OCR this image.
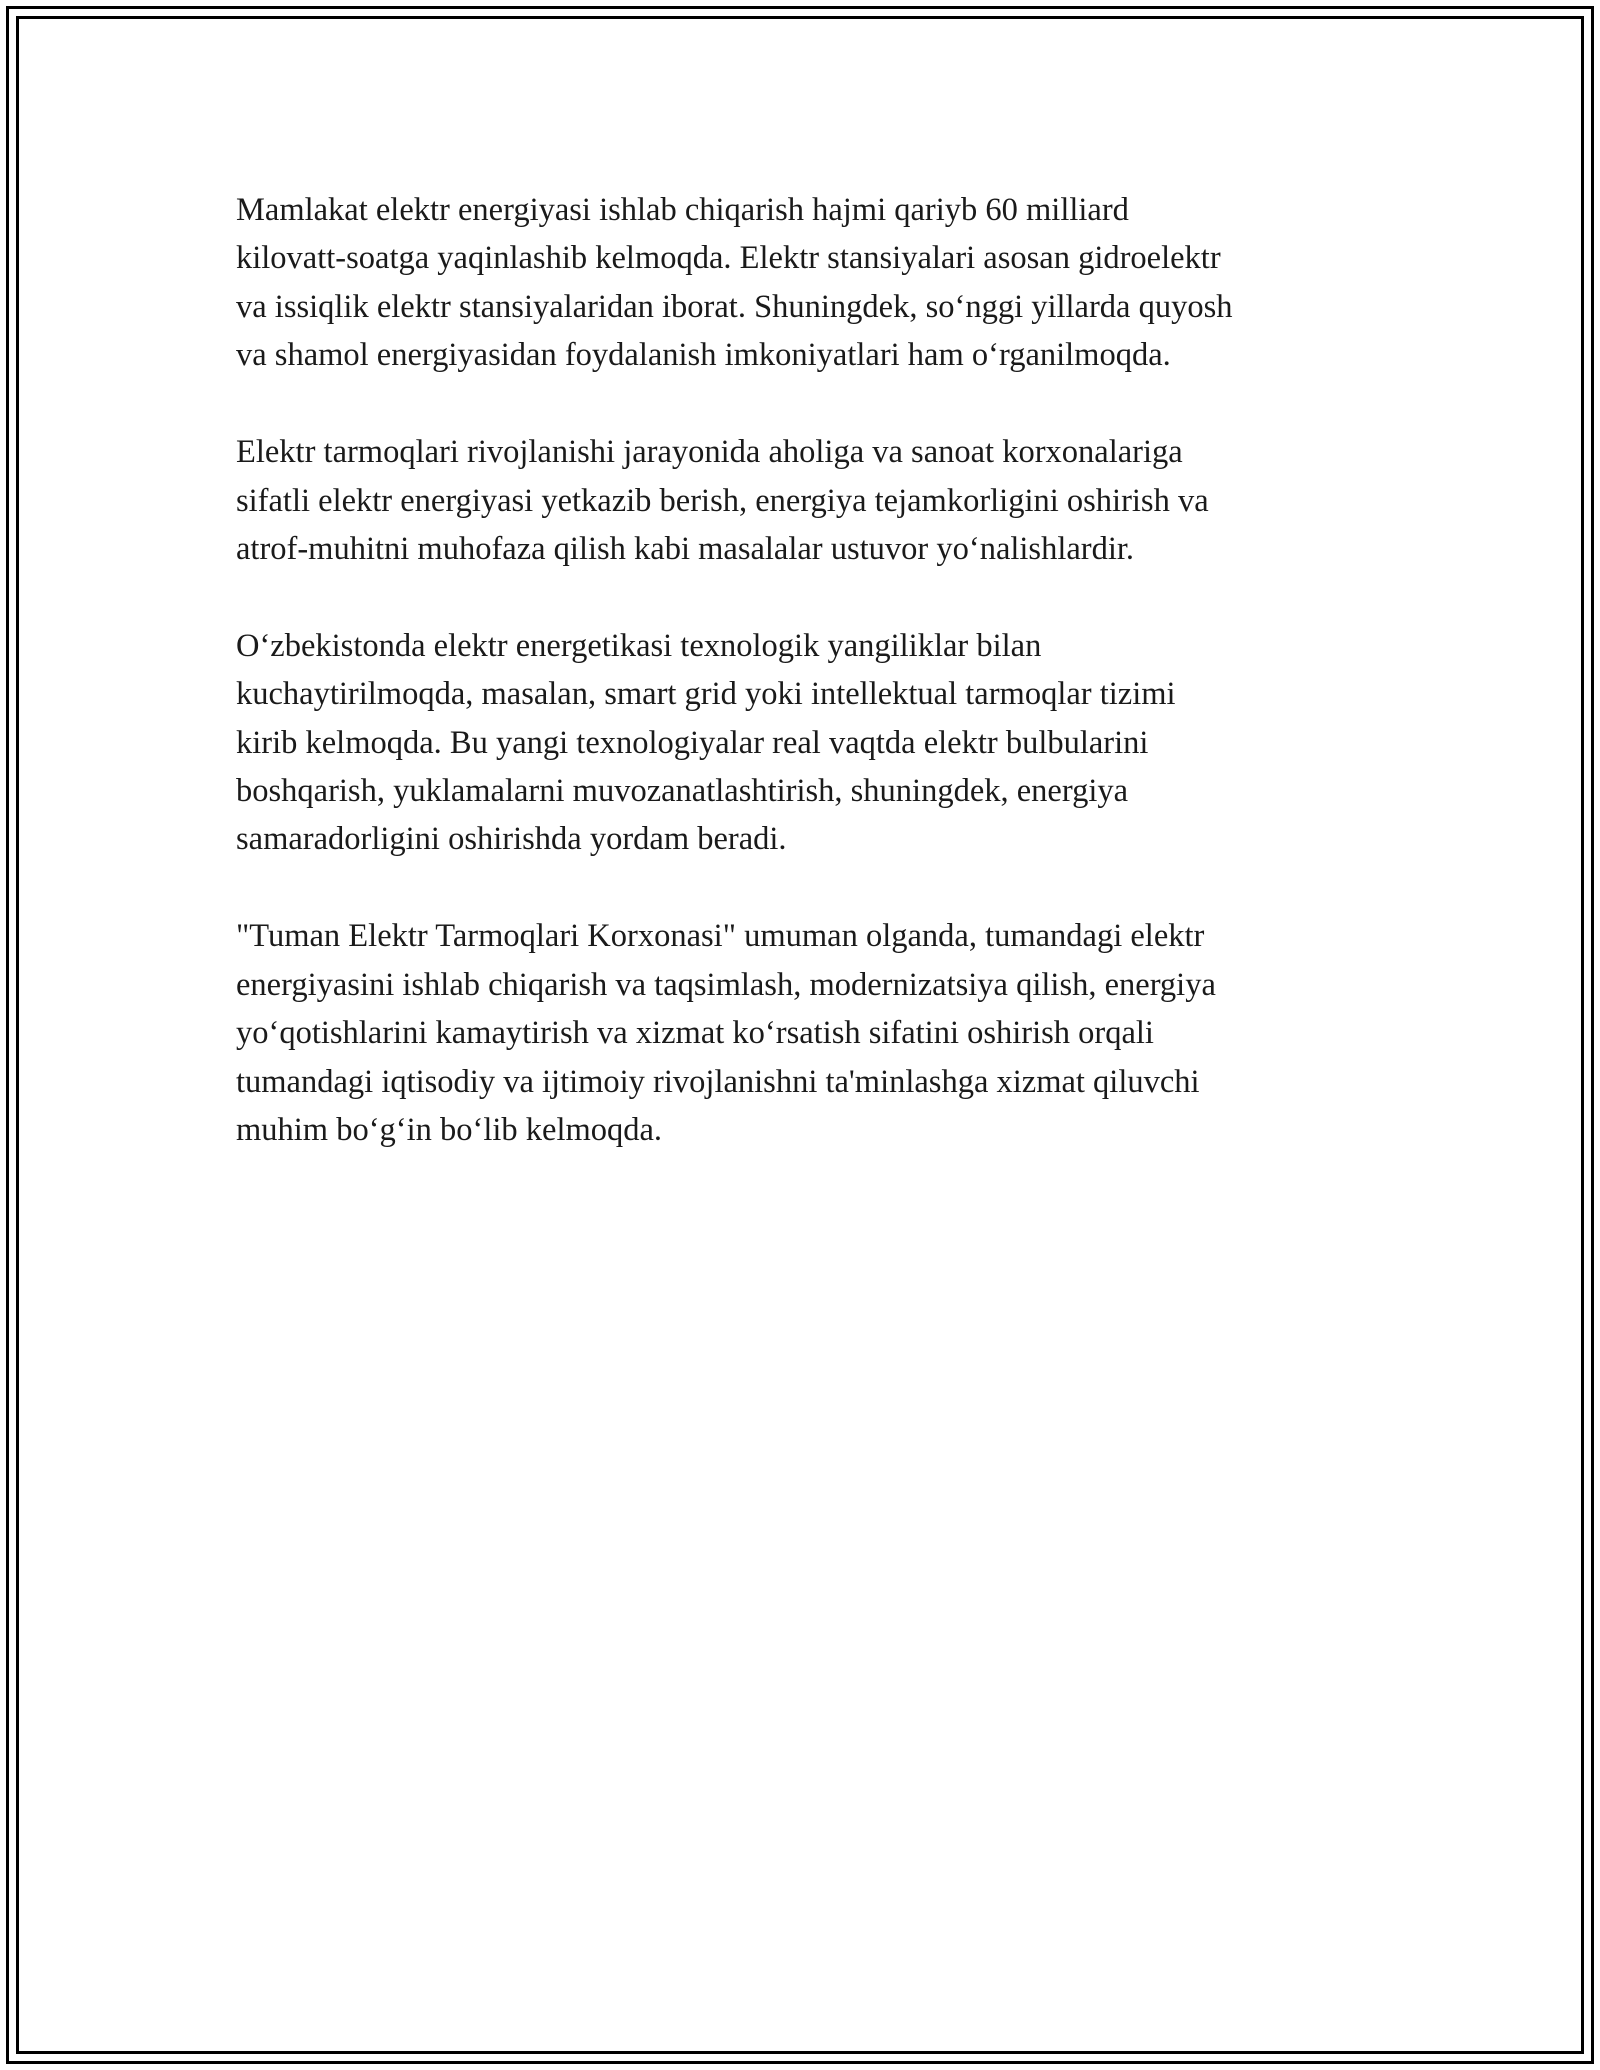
Mamlakat elektr energiyasi ishlab chiqarish hajmi qariyb 60 milliard
kilovatt-soatga yaqinlashib kelmoqda. Elektr stansiyalari asosan gidroelektr
va issiqlik elektr stansiyalaridan iborat. Shuningdek, so‘nggi yillarda quyosh
va shamol energiyasidan foydalanish imkoniyatlari ham o‘rganilmoqda.

Elektr tarmoqlari rivojlanishi jarayonida aholiga va sanoat korxonalariga
sifatli elektr energiyasi yetkazib berish, energiya tejamkorligini oshirish va
atrof-muhitni muhofaza qilish kabi masalalar ustuvor yo‘nalishlardir.

O‘zbekistonda elektr energetikasi texnologik yangiliklar bilan
kuchaytirilmoqda, masalan, smart grid yoki intellektual tarmoqlar tizimi
kirib kelmoqda. Bu yangi texnologiyalar real vaqtda elektr bulbularini
boshqarish, yuklamalarni muvozanatlashtirish, shuningdek, energiya
samaradorligini oshirishda yordam beradi.

"Tuman Elektr Tarmoqlari Korxonasi" umuman olganda, tumandagi elektr
energiyasini ishlab chiqarish va taqsimlash, modernizatsiya qilish, energiya
yo‘qotishlarini kamaytirish va xizmat ko‘rsatish sifatini oshirish orqali
tumandagi iqtisodiy va ijtimoiy rivojlanishni ta'minlashga xizmat qiluvchi
muhim bo‘g‘in bo‘lib kelmoqda.
